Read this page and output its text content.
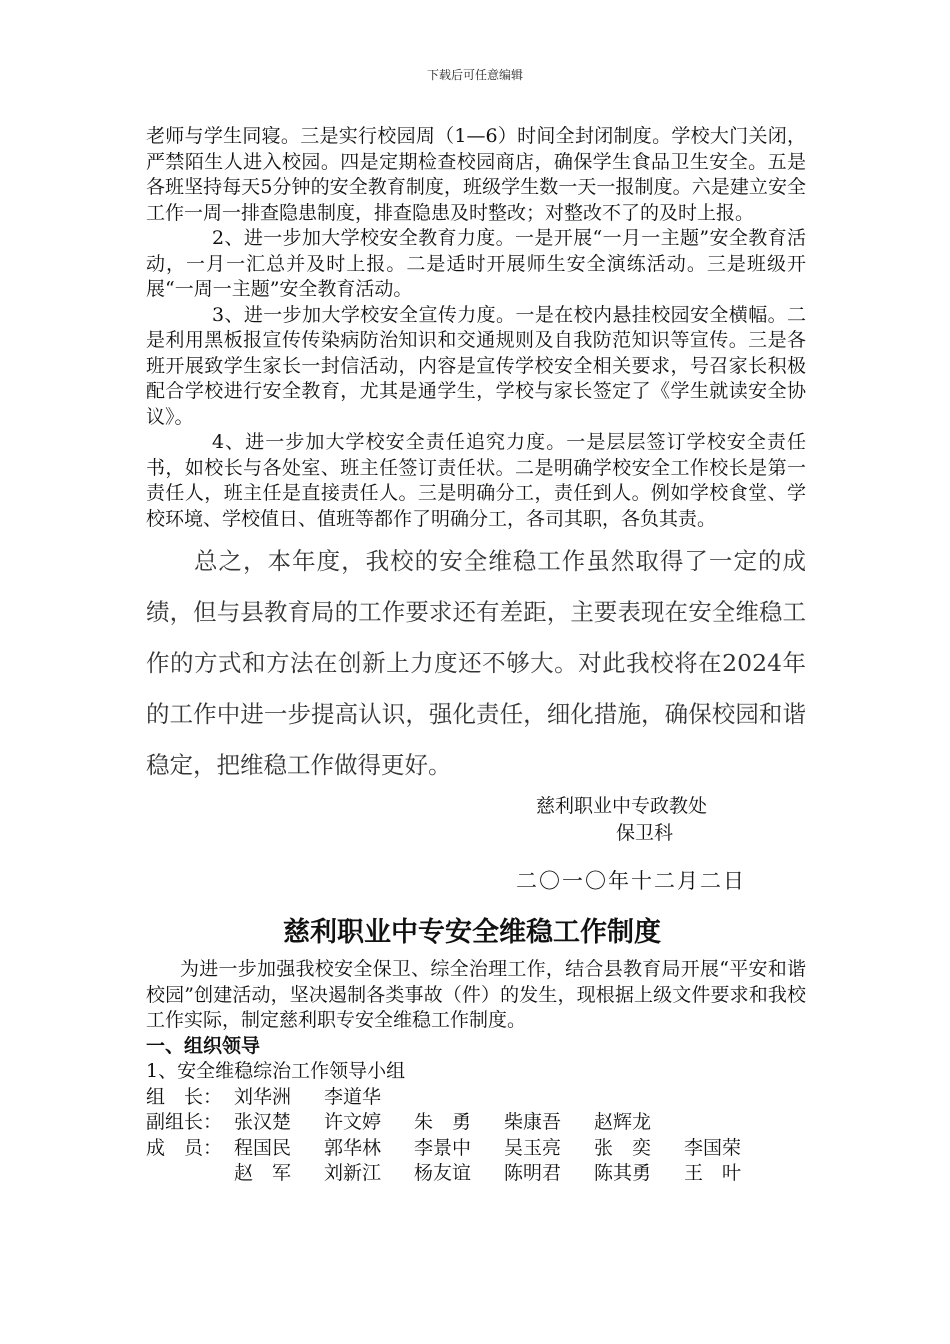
下载后可任意编辑

老师与学生同寝。三是实行校园周（1—6）时间全封闭制度。学校大门关闭，严禁陌生人进入校园。四是定期检查校园商店，确保学生食品卫生安全。五是各班坚持每天5分钟的安全教育制度，班级学生数一天一报制度。六是建立安全工作一周一排查隐患制度，排查隐患及时整改；对整改不了的及时上报。

2、进一步加大学校安全教育力度。一是开展“一月一主题”安全教育活动，一月一汇总并及时上报。二是适时开展师生安全演练活动。三是班级开展“一周一主题”安全教育活动。

3、进一步加大学校安全宣传力度。一是在校内悬挂校园安全横幅。二是利用黑板报宣传传染病防治知识和交通规则及自我防范知识等宣传。三是各班开展致学生家长一封信活动，内容是宣传学校安全相关要求，号召家长积极配合学校进行安全教育，尤其是通学生，学校与家长签定了《学生就读安全协议》。

4、进一步加大学校安全责任追究力度。一是层层签订学校安全责任书，如校长与各处室、班主任签订责任状。二是明确学校安全工作校长是第一责任人，班主任是直接责任人。三是明确分工，责任到人。例如学校食堂、学校环境、学校值日、值班等都作了明确分工，各司其职，各负其责。

总之，本年度，我校的安全维稳工作虽然取得了一定的成绩，但与县教育局的工作要求还有差距，主要表现在安全维稳工作的方式和方法在创新上力度还不够大。对此我校将在2024年的工作中进一步提高认识，强化责任，细化措施，确保校园和谐稳定，把维稳工作做得更好。

慈利职业中专政教处
保卫科
二〇一〇年十二月二日
慈利职业中专安全维稳工作制度

为进一步加强我校安全保卫、综全治理工作，结合县教育局开展“平安和谐校园”创建活动，坚决遏制各类事故（件）的发生，现根据上级文件要求和我校工作实际，制定慈利职专安全维稳工作制度。

一、组织领导

1、安全维稳综治工作领导小组

组　长： 刘华洲	李道华
副组长： 张汉楚	许文婷	朱　勇	柴康吾	赵辉龙
成　员： 程国民	郭华林	李景中	吴玉亮	张　奕	李国荣
赵　军	刘新江	杨友谊	陈明君	陈其勇	王　叶
